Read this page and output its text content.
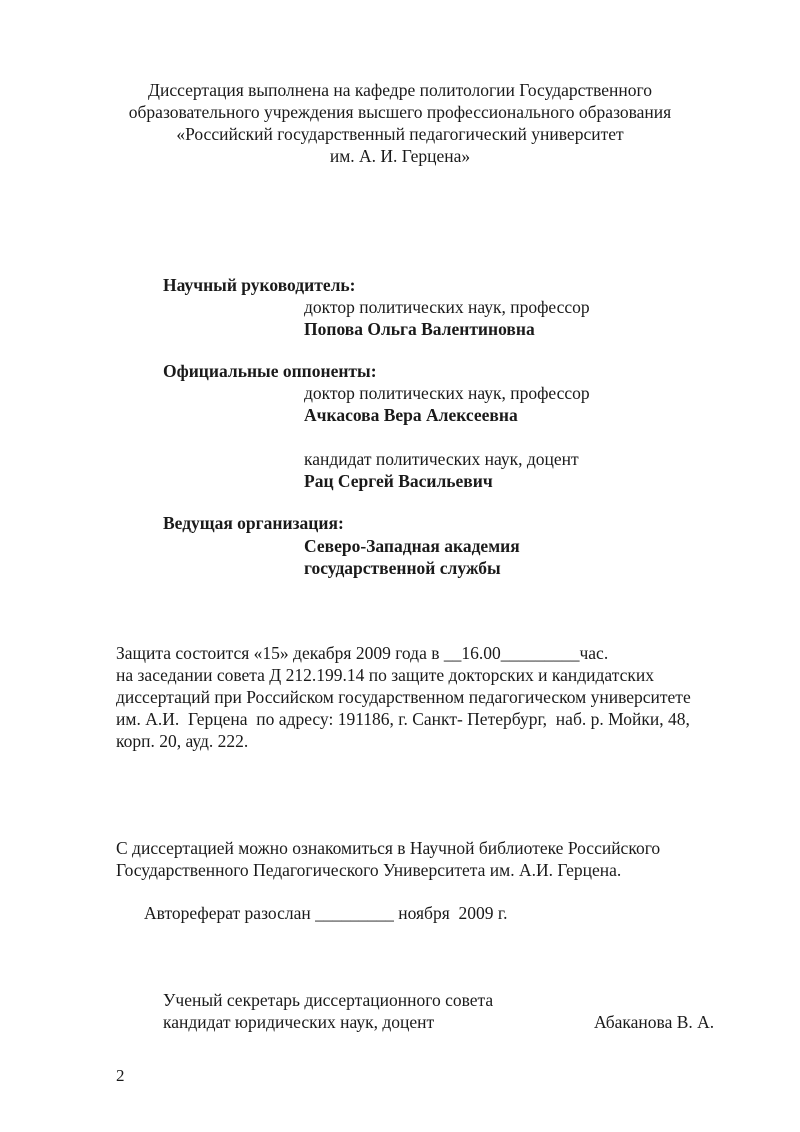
Диссертация выполнена на кафедре политологии Государственного
образовательного учреждения высшего профессионального образования
«Российский государственный педагогический университет
им. А. И. Герцена»
Научный руководитель:
доктор политических наук, профессор
Попова Ольга Валентиновна
Официальные оппоненты:
доктор политических наук, профессор
Ачкасова Вера Алексеевна
кандидат политических наук, доцент
Рац Сергей Васильевич
Ведущая организация:
Северо-Западная академия
государственной службы
Защита состоится «15» декабря 2009 года в __16.00_________час.
на заседании совета Д 212.199.14 по защите докторских и кандидатских
диссертаций при Российском государственном педагогическом университете
им. А.И.  Герцена  по адресу: 191186, г. Санкт- Петербург,  наб. р. Мойки, 48,
корп. 20, ауд. 222.
С диссертацией можно ознакомиться в Научной библиотеке Российского
Государственного Педагогического Университета им. А.И. Герцена.
Автореферат разослан _________ ноября  2009 г.
Ученый секретарь диссертационного совета
кандидат юридических наук, доцент	Абаканова В. А.
2
